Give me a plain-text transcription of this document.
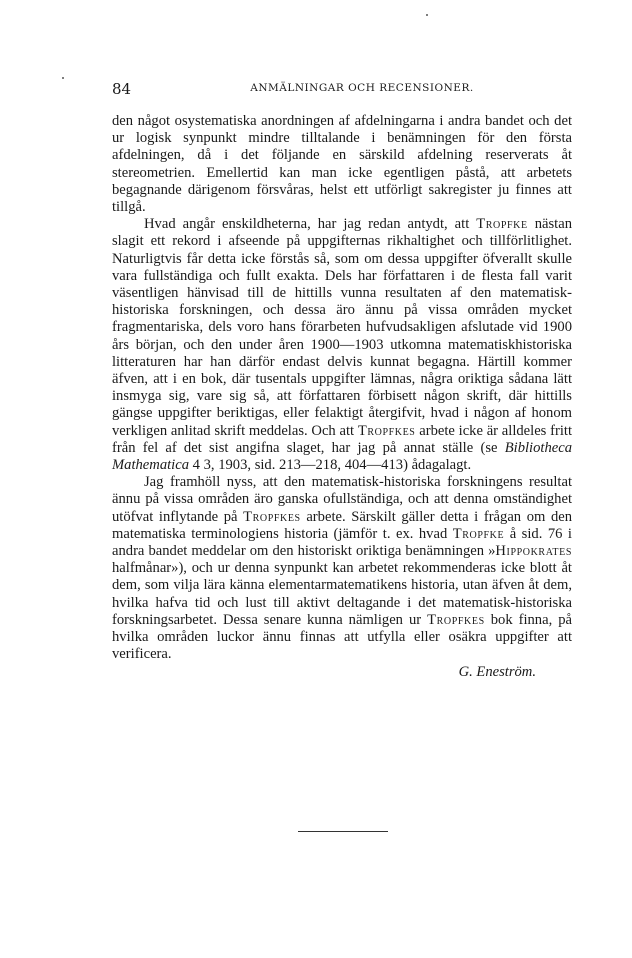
84	ANMÄLNINGAR OCH RECENSIONER.

den något osystematiska anordningen af afdelningarna i andra bandet och det ur logisk synpunkt mindre tilltalande i benämningen för den första afdelningen, då i det följande en särskild afdelning reserverats åt stereometrien. Emellertid kan man icke egentligen påstå, att arbetets begagnande därigenom försvåras, helst ett utförligt sakregister ju finnes att tillgå.

Hvad angår enskildheterna, har jag redan antydt, att Tropfke nästan slagit ett rekord i afseende på uppgifternas rikhaltighet och tillförlitlighet. Naturligtvis får detta icke förstås så, som om dessa uppgifter öfverallt skulle vara fullständiga och fullt exakta. Dels har författaren i de flesta fall varit väsentligen hänvisad till de hittills vunna resultaten af den matematisk-historiska forskningen, och dessa äro ännu på vissa områden mycket fragmentariska, dels voro hans förarbeten hufvudsakligen afslutade vid 1900 års början, och den under åren 1900—1903 utkomna matematiskhistoriska litteraturen har han därför endast delvis kunnat begagna. Härtill kommer äfven, att i en bok, där tusentals uppgifter lämnas, några oriktiga sådana lätt insmyga sig, vare sig så, att författaren förbisett någon skrift, där hittills gängse uppgifter beriktigas, eller felaktigt återgifvit, hvad i någon af honom verkligen anlitad skrift meddelas. Och att Tropfkes arbete icke är alldeles fritt från fel af det sist angifna slaget, har jag på annat ställe (se Bibliotheca Mathematica 4 3, 1903, sid. 213—218, 404—413) ådagalagt.

Jag framhöll nyss, att den matematisk-historiska forskningens resultat ännu på vissa områden äro ganska ofullständiga, och att denna omständighet utöfvat inflytande på Tropfkes arbete. Särskilt gäller detta i frågan om den matematiska terminologiens historia (jämför t. ex. hvad Tropfke å sid. 76 i andra bandet meddelar om den historiskt oriktiga benämningen »Hippokrates halfmånar»), och ur denna synpunkt kan arbetet rekommenderas icke blott åt dem, som vilja lära känna elementarmatematikens historia, utan äfven åt dem, hvilka hafva tid och lust till aktivt deltagande i det matematisk-historiska forskningsarbetet. Dessa senare kunna nämligen ur Tropfkes bok finna, på hvilka områden luckor ännu finnas att utfylla eller osäkra uppgifter att verificera.

G. Eneström.
